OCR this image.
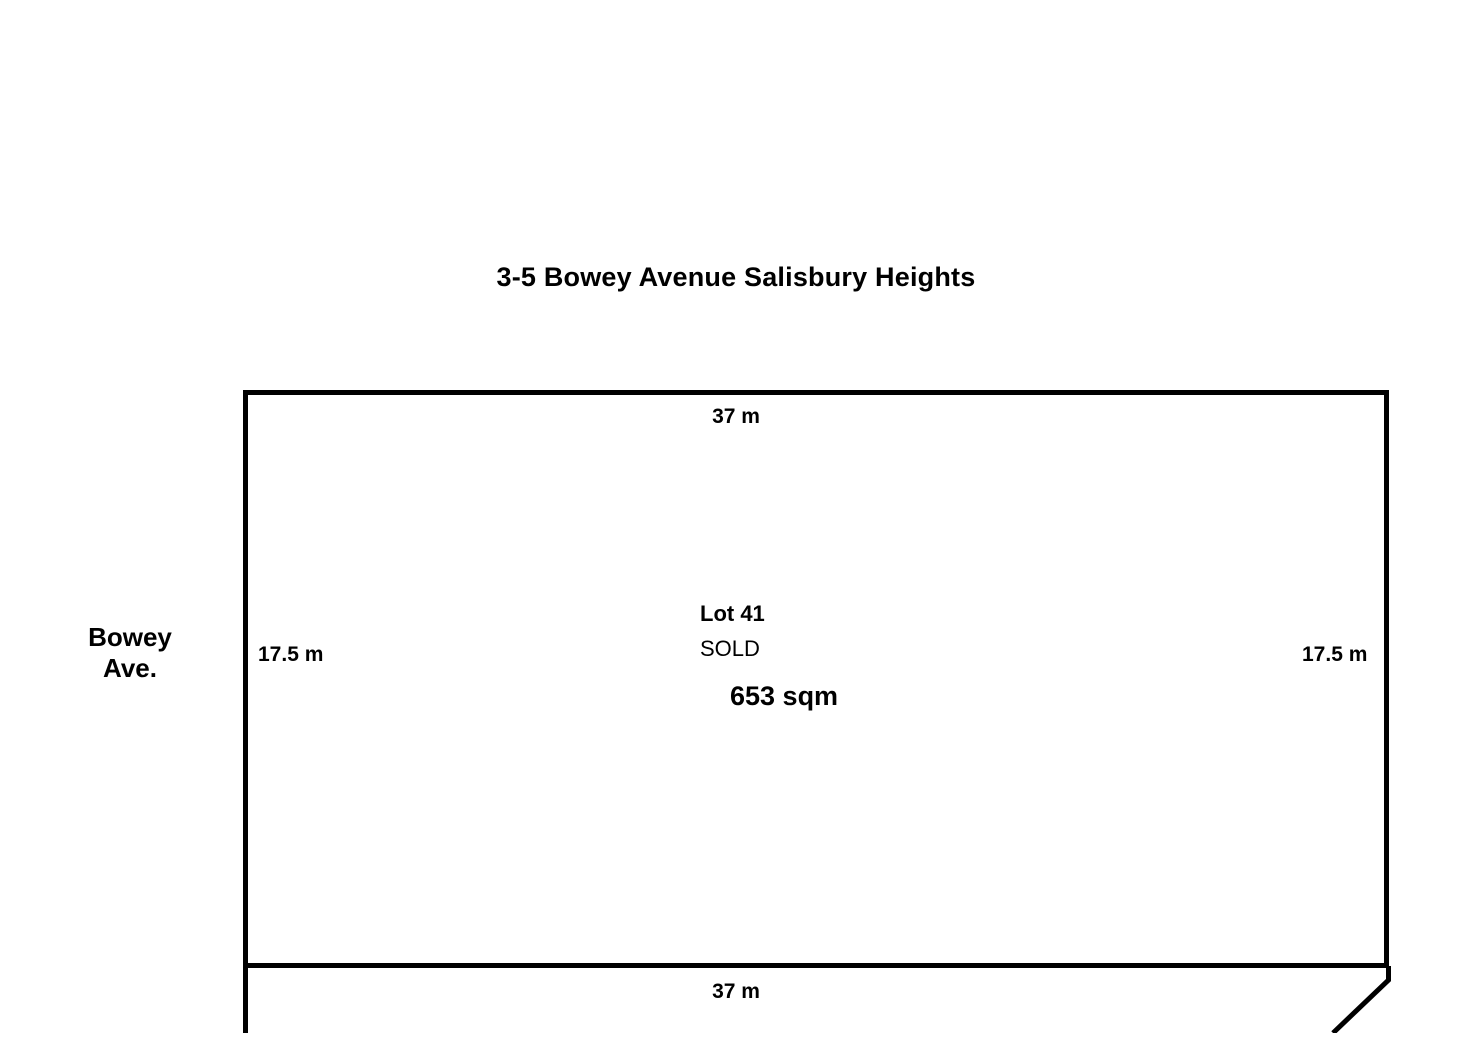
3-5 Bowey Avenue Salisbury Heights
Bowey
Ave.
37 m
37 m
17.5 m	17.5 m
Lot 41
SOLD
653 sqm
